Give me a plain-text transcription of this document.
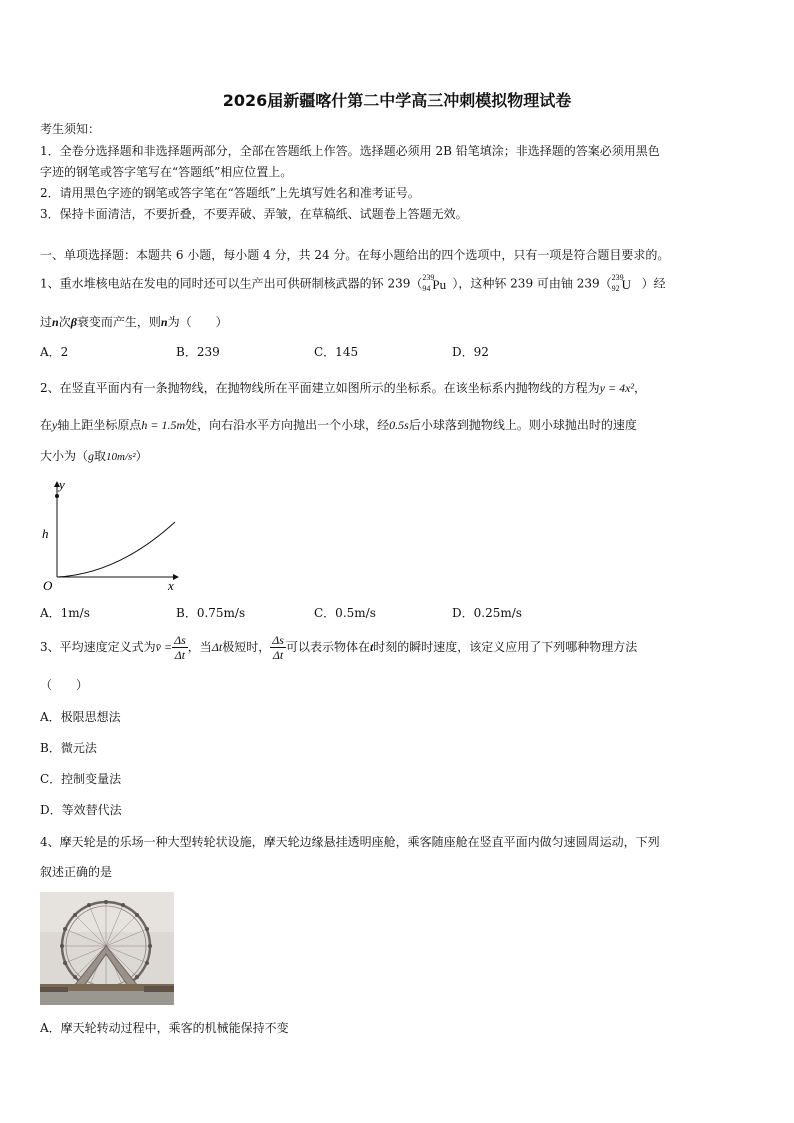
2026届新疆喀什第二中学高三冲刺模拟物理试卷
考生须知：
1．全卷分选择题和非选择题两部分，全部在答题纸上作答。选择题必须用 2B 铅笔填涂；非选择题的答案必须用黑色
字迹的钢笔或答字笔写在“答题纸”相应位置上。
2．请用黑色字迹的钢笔或答字笔在“答题纸”上先填写姓名和准考证号。
3．保持卡面清洁，不要折叠，不要弄破、弄皱，在草稿纸、试题卷上答题无效。
一、单项选择题：本题共 6 小题，每小题 4 分，共 24 分。在每小题给出的四个选项中，只有一项是符合题目要求的。
1、重水堆核电站在发电的同时还可以生产出可供研制核武器的钚 239（ 239
94 Pu ），这种钚 239 可由铀 239（ 239
92 U ）经
过n次β衰变而产生，则n为（　　）
A．2	B．239	C．145	D．92
2、在竖直平面内有一条抛物线，在抛物线所在平面建立如图所示的坐标系。在该坐标系内抛物线的方程为y = 4x²，
在y轴上距坐标原点h = 1.5m处，向右沿水平方向抛出一个小球，经0.5s后小球落到抛物线上。则小球抛出时的速度
大小为（g取10m/s²）
y
h
O	x
A．1m/s	B．0.75m/s	C．0.5m/s	D．0.25m/s
3、平均速度定义式为v̄ = $\frac{\Delta s}{\Delta t}$ ，当Δt极短时， $\frac{\Delta s}{\Delta t}$ 可以表示物体在t时刻的瞬时速度，该定义应用了下列哪种物理方法
（　　）
A．极限思想法
B．微元法
C．控制变量法
D．等效替代法
4、摩天轮是的乐场一种大型转轮状设施，摩天轮边缘悬挂透明座舱，乘客随座舱在竖直平面内做匀速圆周运动，下列
叙述正确的是
A．摩天轮转动过程中，乘客的机械能保持不变
